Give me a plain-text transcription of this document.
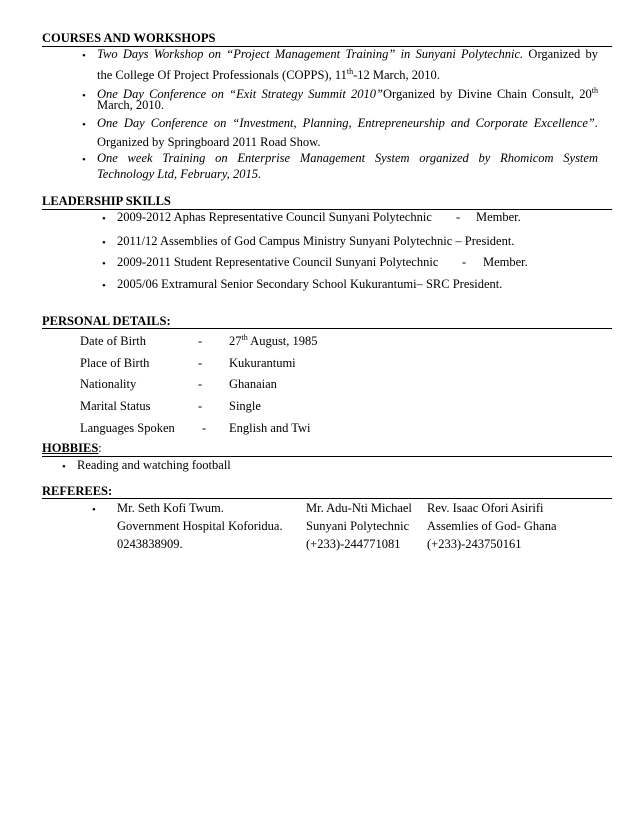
COURSES AND WORKSHOPS
• Two Days Workshop on “Project Management Training” in Sunyani Polytechnic. Organized by
the College Of Project Professionals (COPPS), 11th-12 March, 2010.
• One Day Conference on “Exit Strategy Summit 2010”Organized by Divine Chain Consult, 20th
March, 2010.
• One Day Conference on “Investment, Planning, Entrepreneurship and Corporate Excellence”.
Organized by Springboard 2011 Road Show.
• One week Training on Enterprise Management System organized by Rhomicom System
Technology Ltd, February, 2015.
LEADERSHIP SKILLS
• 2009-2012 Aphas Representative Council Sunyani Polytechnic - Member.
• 2011/12 Assemblies of God Campus Ministry Sunyani Polytechnic – President.
• 2009-2011 Student Representative Council Sunyani Polytechnic - Member.
• 2005/06 Extramural Senior Secondary School Kukurantumi– SRC President.
PERSONAL DETAILS:
Date of Birth	- 27th August, 1985
Place of Birth	- Kukurantumi
Nationality	- Ghanaian
Marital Status	- Single
Languages Spoken - English and Twi
HOBBIES:
• Reading and watching football
REFEREES:
• Mr. Seth Kofi Twum.
Government Hospital Koforidua.
0243838909.
Mr. Adu-Nti Michael
Sunyani Polytechnic
(+233)-244771081
Rev. Isaac Ofori Asirifi
Assemlies of God- Ghana
(+233)-243750161
